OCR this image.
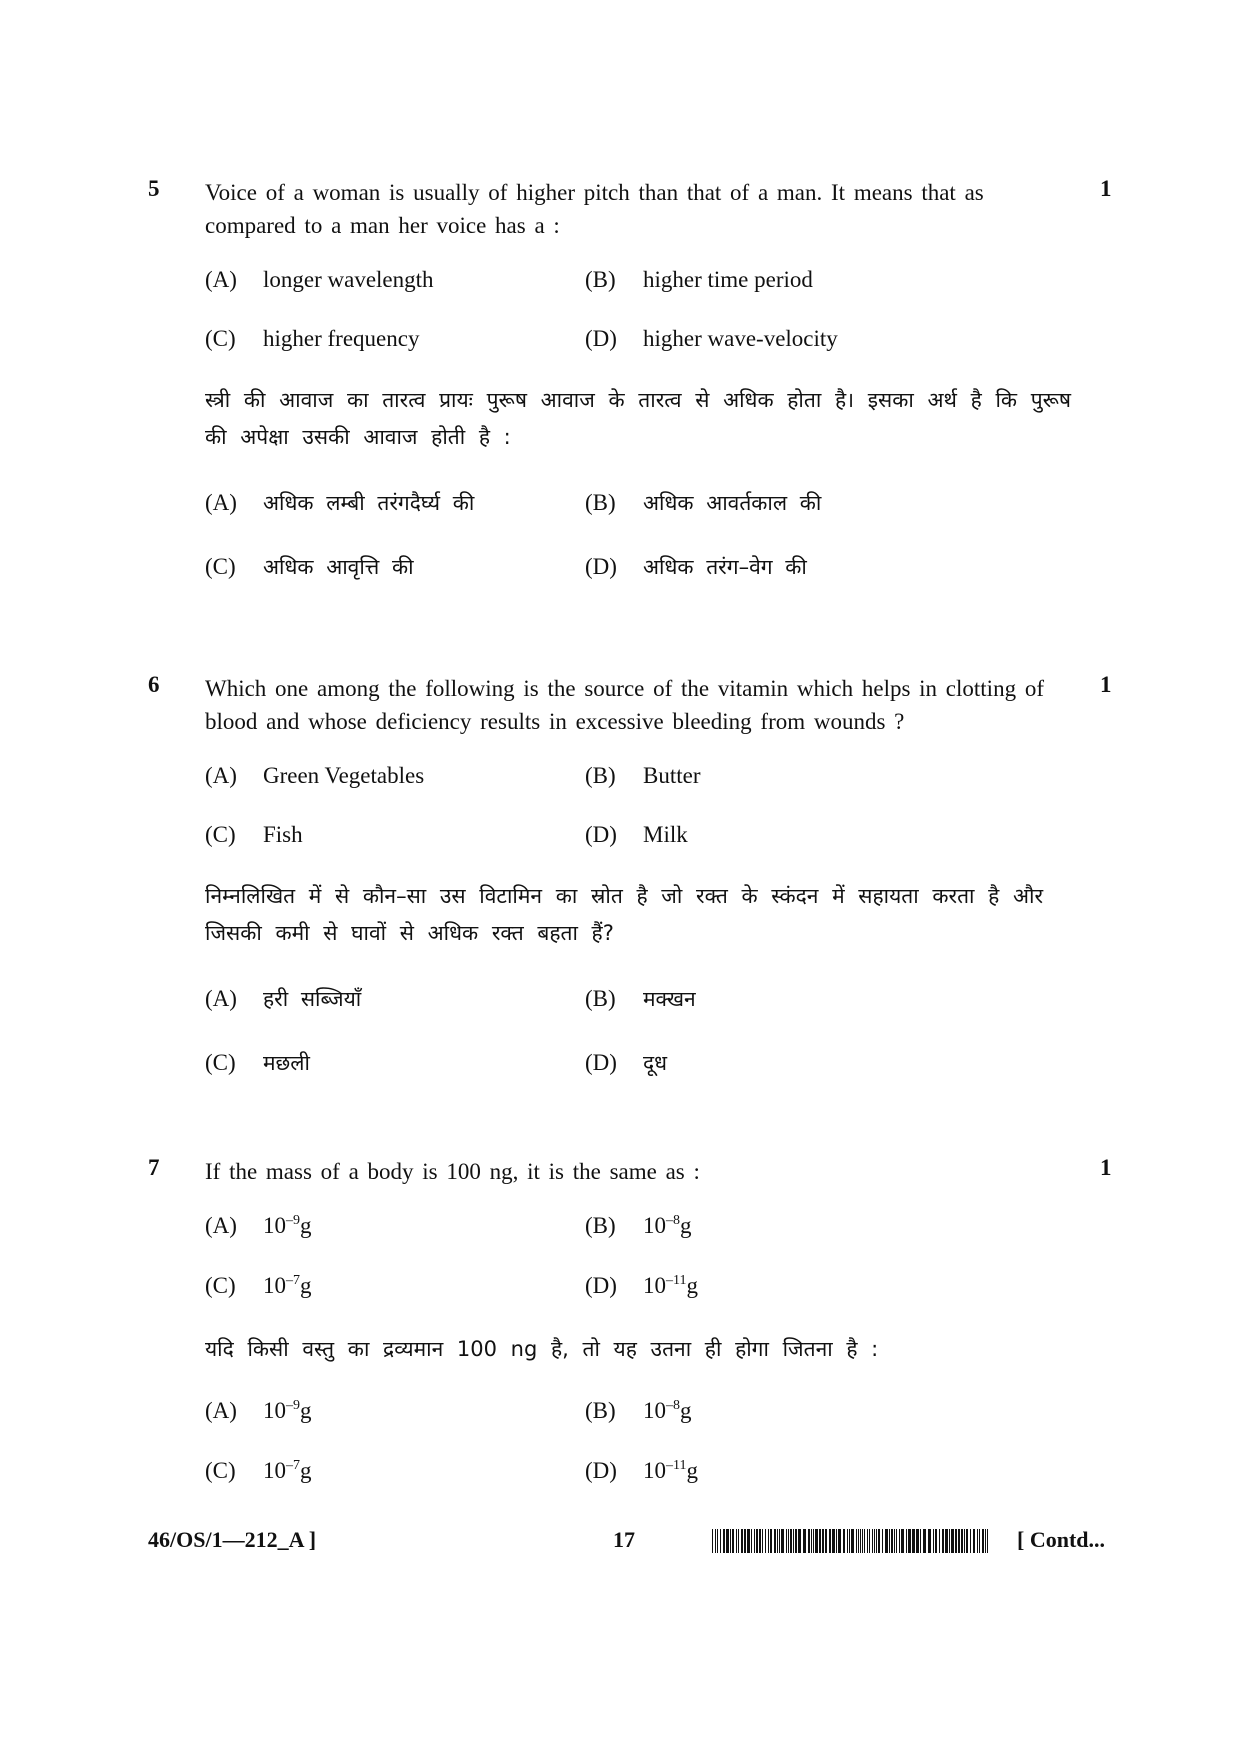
5 Voice of a woman is usually of higher pitch than that of a man. It means that as compared to a man her voice has a :
1
(A) longer wavelength	(B) higher time period
(C) higher frequency	(D) higher wave-velocity
स्त्री की आवाज का तारत्व प्रायः पुरूष आवाज के तारत्व से अधिक होता है। इसका अर्थ है कि पुरूष की अपेक्षा उसकी आवाज होती है :
(A) अधिक लम्बी तरंगदैर्घ्य की	(B) अधिक आवर्तकाल की
(C) अधिक आवृत्ति की	(D) अधिक तरंग–वेग की
6 Which one among the following is the source of the vitamin which helps in clotting of blood and whose deficiency results in excessive bleeding from wounds ?
1
(A) Green Vegetables	(B) Butter
(C) Fish	(D) Milk
निम्नलिखित में से कौन–सा उस विटामिन का स्रोत है जो रक्त के स्कंदन में सहायता करता है और जिसकी कमी से घावों से अधिक रक्त बहता हैं?
(A) हरी सब्जियाँ	(B) मक्खन
(C) मछली	(D) दूध
7 If the mass of a body is 100 ng, it is the same as :	1
(A) $10^{-9}g$	(B) $10^{-8}g$
(C) $10^{-7}g$	(D) $10^{-11}g$
यदि किसी वस्तु का द्रव्यमान 100 ng है, तो यह उतना ही होगा जितना है :
(A) $10^{-9}g$	(B) $10^{-8}g$
(C) $10^{-7}g$	(D) $10^{-11}g$
46/OS/1—212_A ]	17	[ Contd...
